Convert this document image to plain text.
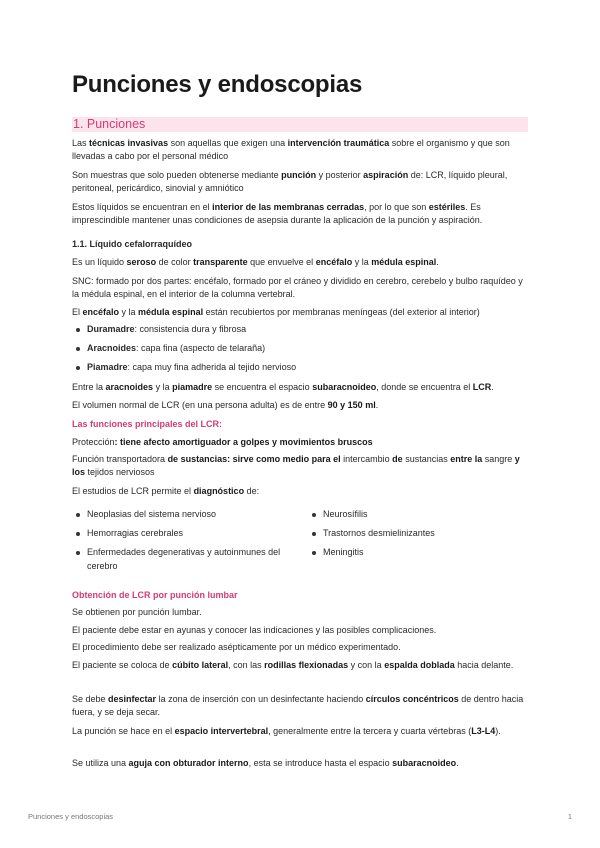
Punciones y endoscopias
1. Punciones

Las técnicas invasivas son aquellas que exigen una intervención traumática sobre el organismo y que son llevadas a cabo por el personal médico

Son muestras que solo pueden obtenerse mediante punción y posterior aspiración de: LCR, líquido pleural, peritoneal, pericárdico, sinovial y amniótico

Estos líquidos se encuentran en el interior de las membranas cerradas, por lo que son estériles. Es imprescindible mantener unas condiciones de asepsia durante la aplicación de la punción y aspiración.

1.1. Líquido cefalorraquídeo

Es un líquido seroso de color transparente que envuelve el encéfalo y la médula espinal.

SNC: formado por dos partes: encéfalo, formado por el cráneo y dividido en cerebro, cerebelo y bulbo raquídeo y la médula espinal, en el interior de la columna vertebral.

El encéfalo y la médula espinal están recubiertos por membranas meníngeas (del exterior al interior)

Duramadre: consistencia dura y fibrosa
Aracnoides: capa fina (aspecto de telaraña)
Piamadre: capa muy fina adherida al tejido nervioso

Entre la aracnoides y la piamadre se encuentra el espacio subaracnoideo, donde se encuentra el LCR.

El volumen normal de LCR (en una persona adulta) es de entre 90 y 150 ml.

Las funciones principales del LCR:

Protección: tiene afecto amortiguador a golpes y movimientos bruscos

Función transportadora de sustancias: sirve como medio para el intercambio de sustancias entre la sangre y los tejidos nerviosos

El estudios de LCR permite el diagnóstico de:

Neoplasias del sistema nervioso
Hemorragias cerebrales
Enfermedades degenerativas y autoinmunes del cerebro
Neurosífilis
Trastornos desmielinizantes
Meningitis

Obtención de LCR por punción lumbar

Se obtienen por punción lumbar.

El paciente debe estar en ayunas y conocer las indicaciones y las posibles complicaciones.

El procedimiento debe ser realizado asépticamente por un médico experimentado.

El paciente se coloca de cúbito lateral, con las rodillas flexionadas y con la espalda doblada hacia delante.

Se debe desinfectar la zona de inserción con un desinfectante haciendo círculos concéntricos de dentro hacia fuera, y se deja secar.

La punción se hace en el espacio intervertebral, generalmente entre la tercera y cuarta vértebras (L3-L4).

Se utiliza una aguja con obturador interno, esta se introduce hasta el espacio subaracnoideo.

Punciones y endoscopias	1
